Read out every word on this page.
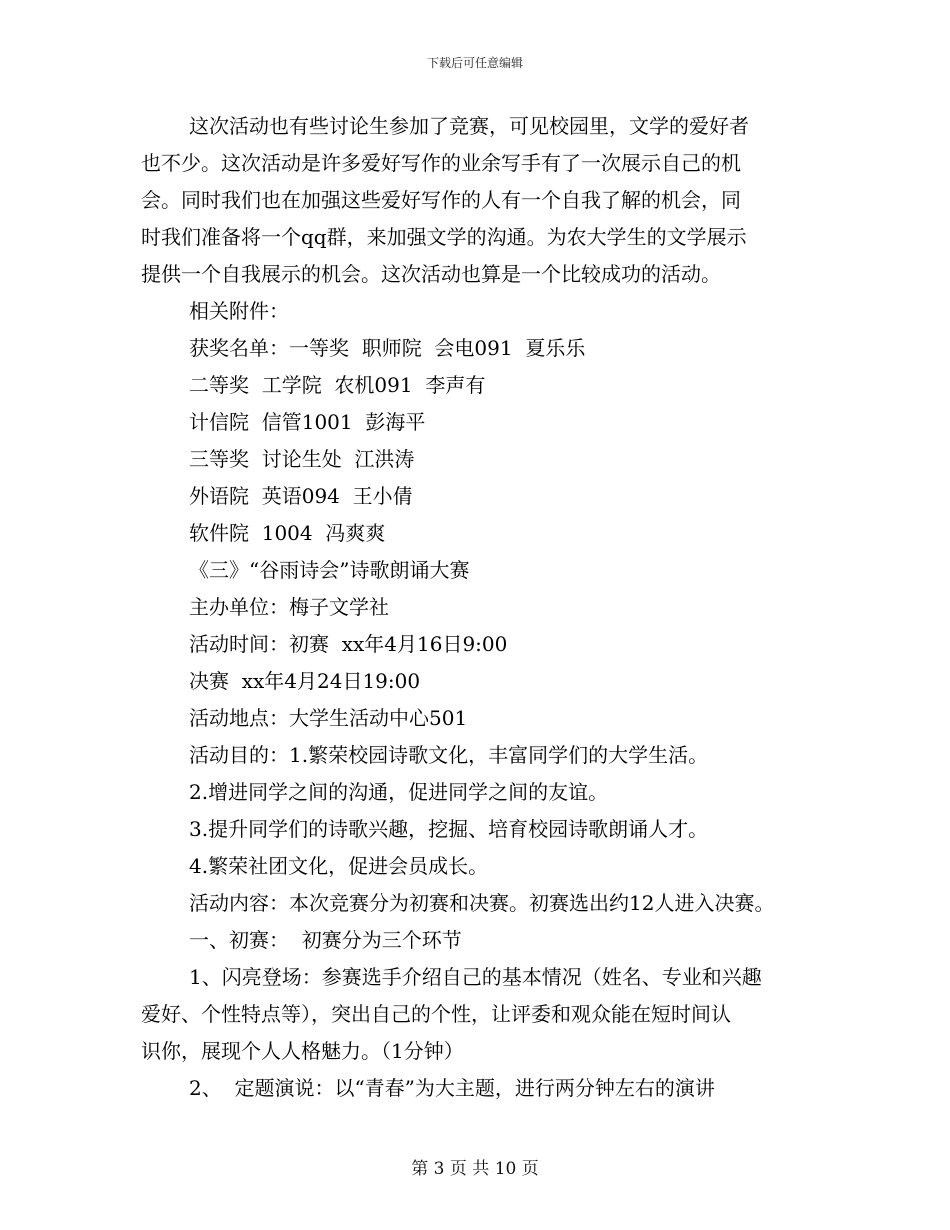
下载后可任意编辑
这次活动也有些讨论生参加了竞赛，可见校园里，文学的爱好者
也不少。这次活动是许多爱好写作的业余写手有了一次展示自己的机
会。同时我们也在加强这些爱好写作的人有一个自我了解的机会，同
时我们准备将一个qq群，来加强文学的沟通。为农大学生的文学展示
提供一个自我展示的机会。这次活动也算是一个比较成功的活动。
相关附件：
获奖名单：一等奖  职师院  会电091  夏乐乐
二等奖  工学院  农机091  李声有
计信院  信管1001  彭海平
三等奖  讨论生处  江洪涛
外语院  英语094  王小倩
软件院  1004  冯爽爽
《三》“谷雨诗会”诗歌朗诵大赛
主办单位：梅子文学社
活动时间：初赛  xx年4月16日9:00
决赛  xx年4月24日19:00
活动地点：大学生活动中心501
活动目的：1.繁荣校园诗歌文化，丰富同学们的大学生活。
2.增进同学之间的沟通，促进同学之间的友谊。
3.提升同学们的诗歌兴趣，挖掘、培育校园诗歌朗诵人才。
4.繁荣社团文化，促进会员成长。
活动内容：本次竞赛分为初赛和决赛。初赛选出约12人进入决赛。
一、初赛：  初赛分为三个环节
1、闪亮登场：参赛选手介绍自己的基本情况（姓名、专业和兴趣
爱好、个性特点等），突出自己的个性，让评委和观众能在短时间认
识你，展现个人人格魅力。（1分钟）
2、  定题演说：以“青春”为大主题，进行两分钟左右的演讲
第 3 页 共 10 页
